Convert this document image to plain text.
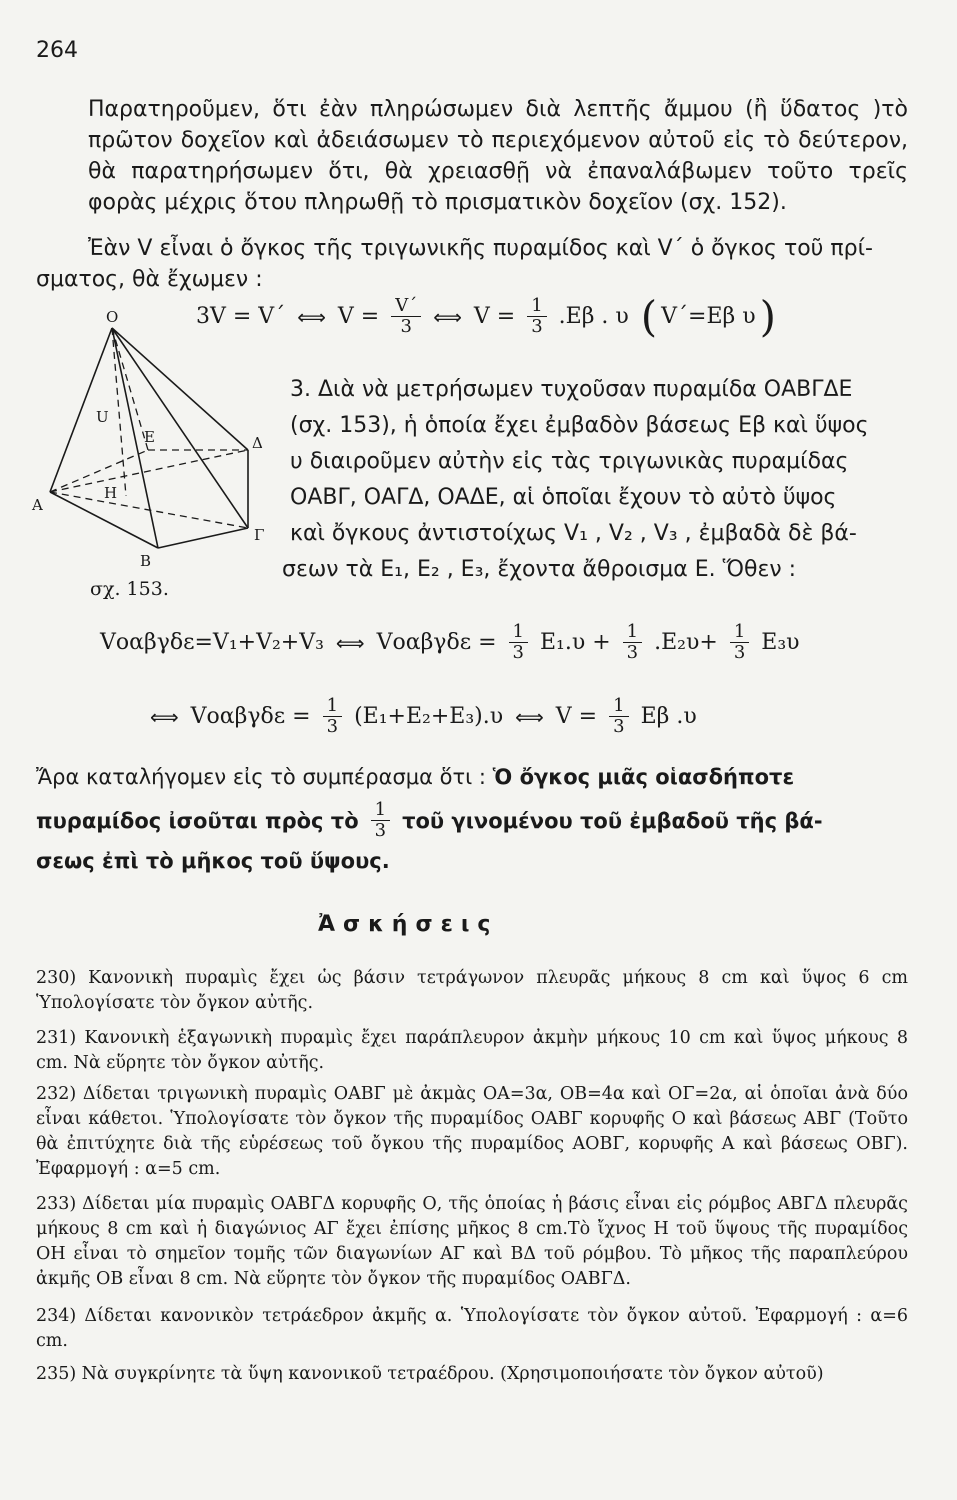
264

Παρατηροῦμεν, ὅτι ἐὰν πληρώσωμεν διὰ λεπτῆς ἄμμου (ἢ ὕδατος )τὸ πρῶτον δοχεῖον καὶ ἀδειάσωμεν τὸ περιεχόμενον αὐτοῦ εἰς τὸ δεύτερον, θὰ παρατηρήσωμεν ὅτι, θὰ χρειασθῇ νὰ ἐπαναλάβωμεν τοῦτο τρεῖς φορὰς μέχρις ὅτου πληρωθῇ τὸ πρισματικὸν δοχεῖον (σχ. 152).

Ἐὰν V εἶναι ὁ ὄγκος τῆς τριγωνικῆς πυραμίδος καὶ V΄ ὁ ὄγκος τοῦ πρί-
σματος, θὰ ἔχωμεν :
3V = V΄ ⟺ $V = \frac{V΄}{3}$ ⟺ $V = \frac{1}{3} .E\beta$ . υ ( V΄=Eβ υ )
O
U
E	Δ
H
A
Γ
B
σχ. 153.
3. Διὰ νὰ μετρήσωμεν τυχοῦσαν πυραμίδα ΟΑΒΓΔΕ
(σχ. 153), ἡ ὁποία ἔχει ἐμβαδὸν βάσεως Eβ καὶ ὕψος
υ διαιροῦμεν αὐτὴν εἰς τὰς τριγωνικὰς πυραμίδας
ΟΑΒΓ, ΟΑΓΔ, ΟΑΔΕ, αἱ ὁποῖαι ἔχουν τὸ αὐτὸ ὕψος
καὶ ὄγκους ἀντιστοίχως V₁ , V₂ , V₃ , ἐμβαδὰ δὲ βά-
σεων τὰ E₁, E₂ , E₃, ἔχοντα ἄθροισμα E. Ὅθεν :
Vοαβγδε=V₁+V₂+V₃ ⟺ $Vo\alpha\beta\gamma\delta\varepsilon = \frac{1}{3} E_1.\upsilon + \frac{1}{3} .E_2\upsilon+ \frac{1}{3} E_3\upsilon$
⟺ $Vo\alpha\beta\gamma\delta\varepsilon = \frac{1}{3} (E_1+E_2+E_3).\upsilon$ ⟺ $V = \frac{1}{3}$ Eβ .υ
Ἄρα καταλήγομεν εἰς τὸ συμπέρασμα ὅτι : Ὁ ὄγκος μιᾶς οἱασδήποτε
πυραμίδος ἰσοῦται πρὸς τὸ $\frac{1}{3}$ τοῦ γινομένου τοῦ ἐμβαδοῦ τῆς βά-
σεως ἐπὶ τὸ μῆκος τοῦ ὕψους.
Ἀσκήσεις

230) Κανονικὴ πυραμὶς ἔχει ὡς βάσιν τετράγωνον πλευρᾶς μήκους 8 cm καὶ ὕψος 6 cm Ὑπολογίσατε τὸν ὄγκον αὐτῆς.

231) Κανονικὴ ἑξαγωνικὴ πυραμὶς ἔχει παράπλευρον ἀκμὴν μήκους 10 cm καὶ ὕψος μήκους 8 cm. Νὰ εὕρητε τὸν ὄγκον αὐτῆς.

232) Δίδεται τριγωνικὴ πυραμὶς ΟΑΒΓ μὲ ἀκμὰς ΟΑ=3α, ΟΒ=4α καὶ ΟΓ=2α, αἱ ὁποῖαι ἀνὰ δύο εἶναι κάθετοι. Ὑπολογίσατε τὸν ὄγκον τῆς πυραμίδος ΟΑΒΓ κορυφῆς Ο καὶ βάσεως ΑΒΓ (Τοῦτο θὰ ἐπιτύχητε διὰ τῆς εὑρέσεως τοῦ ὄγκου τῆς πυραμίδος ΑΟΒΓ, κορυφῆς Α καὶ βάσεως ΟΒΓ). Ἐφαρμογή : α=5 cm.

233) Δίδεται μία πυραμὶς ΟΑΒΓΔ κορυφῆς Ο, τῆς ὁποίας ἡ βάσις εἶναι εἰς ρόμβος ΑΒΓΔ πλευρᾶς μήκους 8 cm καὶ ἡ διαγώνιος ΑΓ ἔχει ἐπίσης μῆκος 8 cm.Τὸ ἴχνος Η τοῦ ὕψους τῆς πυραμίδος ΟΗ εἶναι τὸ σημεῖον τομῆς τῶν διαγωνίων ΑΓ καὶ ΒΔ τοῦ ρόμβου. Τὸ μῆκος τῆς παραπλεύρου ἀκμῆς ΟΒ εἶναι 8 cm. Νὰ εὕρητε τὸν ὄγκον τῆς πυραμίδος ΟΑΒΓΔ.

234) Δίδεται κανονικὸν τετράεδρον ἀκμῆς α. Ὑπολογίσατε τὸν ὄγκον αὐτοῦ. Ἐφαρμογή : α=6 cm.

235) Νὰ συγκρίνητε τὰ ὕψη κανονικοῦ τετραέδρου. (Χρησιμοποιήσατε τὸν ὄγκον αὐτοῦ)
